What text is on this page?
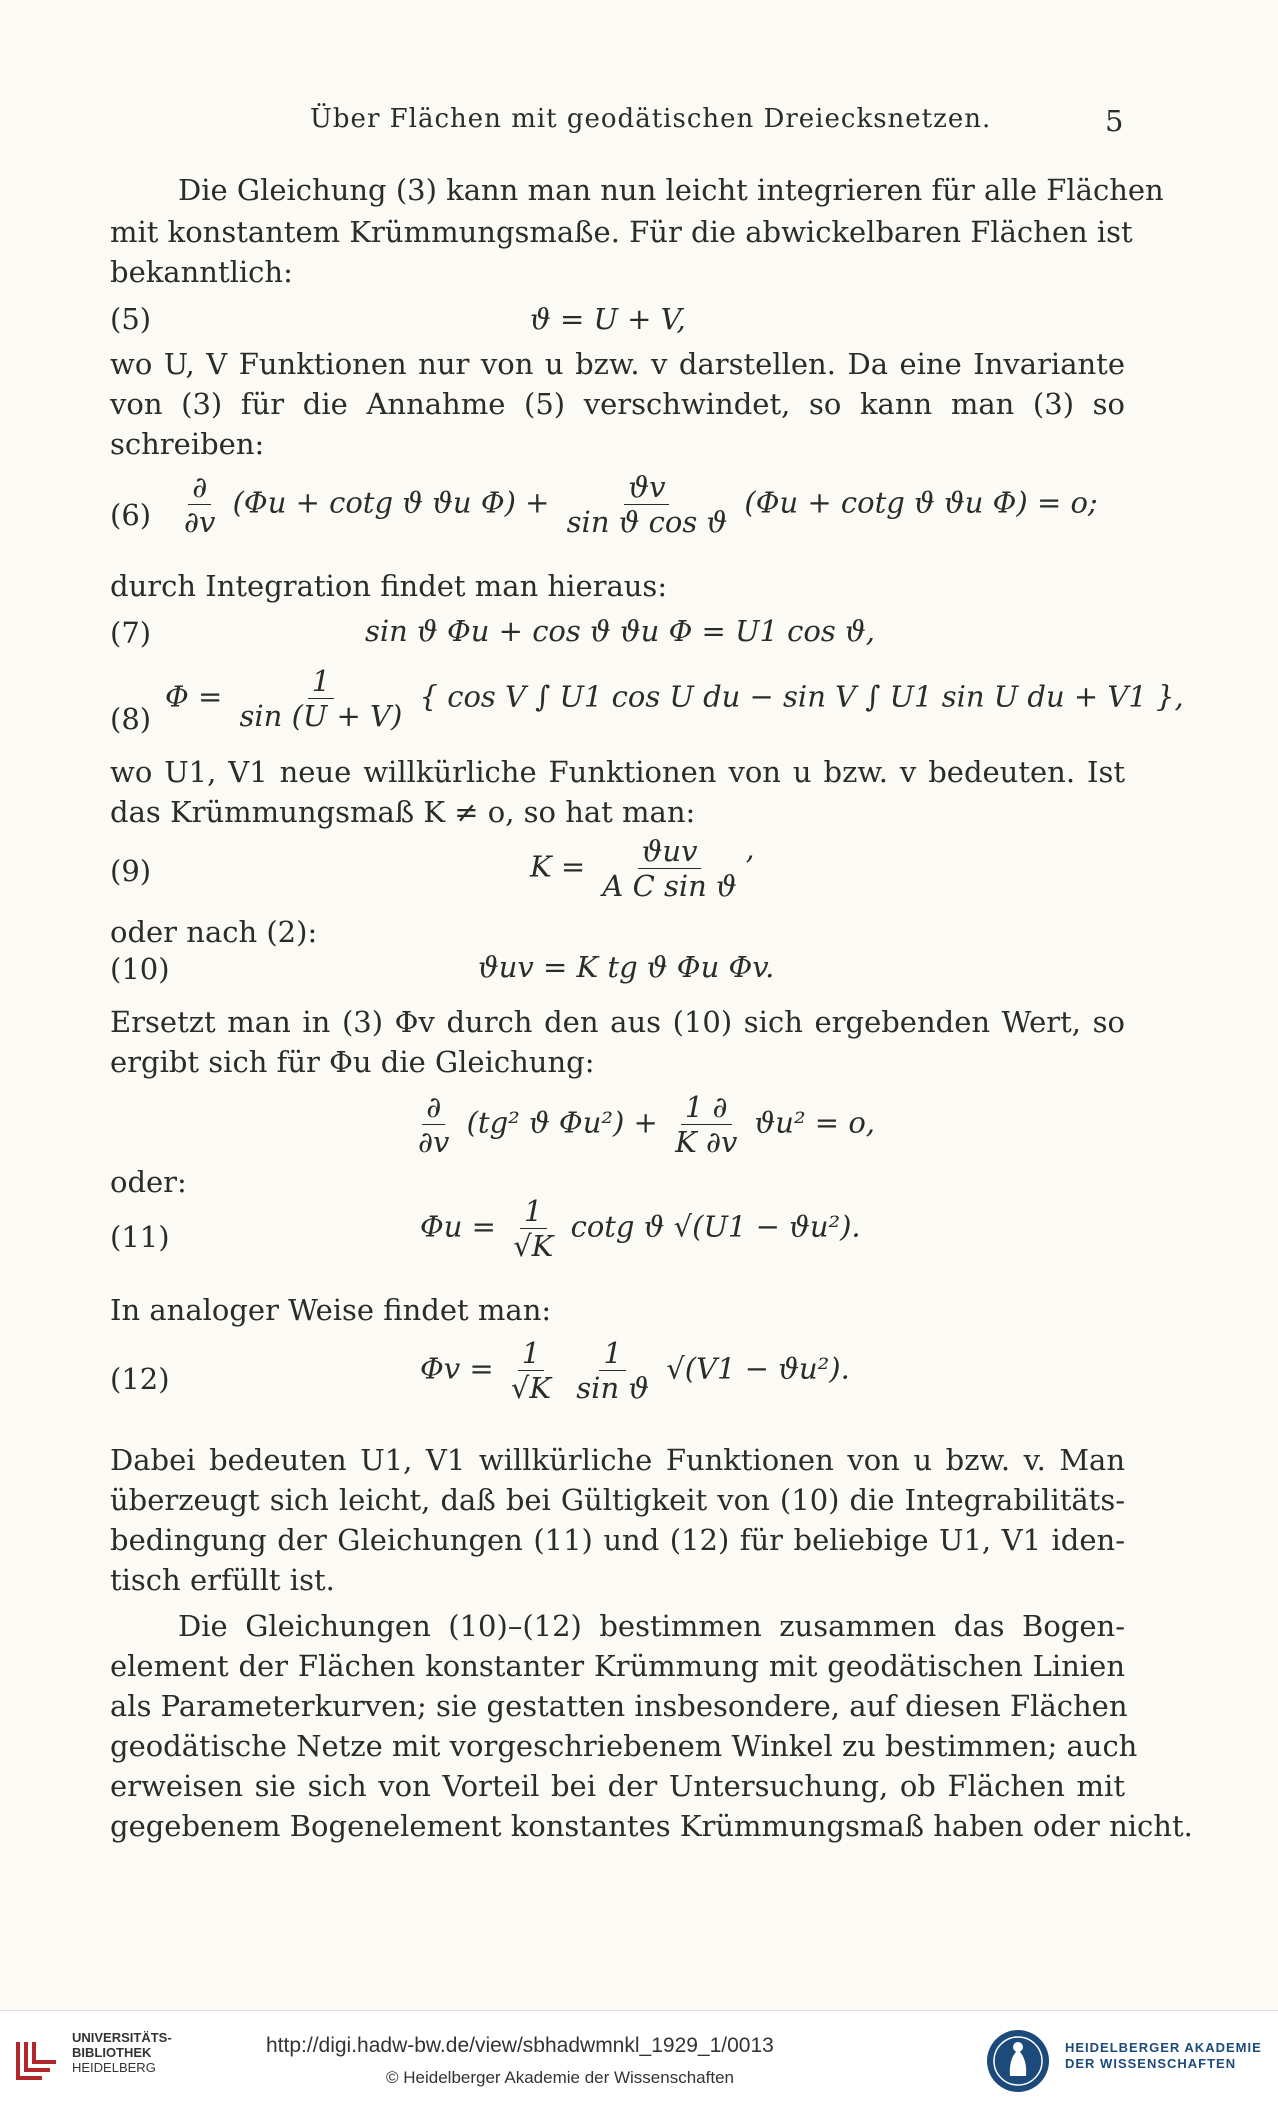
Über Flächen mit geodätischen Dreiecksnetzen.	5
Die Gleichung (3) kann man nun leicht integrieren für alle Flächen
mit konstantem Krümmungsmaße. Für die abwickelbaren Flächen ist
bekanntlich:
(5)	ϑ = U + V,
wo U, V Funktionen nur von u bzw. v darstellen. Da eine Invariante
von (3) für die Annahme (5) verschwindet, so kann man (3) so
schreiben:
$(6) \frac{\partial}{\partial v} (\Phi u + \cot g$ ϑ ϑu $\Phi) + \frac{ϑv}{\text{sin ϑ cos ϑ}} (\Phi u + \cot g$ ϑ ϑu Φ) = o;
durch Integration findet man hieraus:
(7)	sin ϑ Φu + cos ϑ ϑu Φ = U1 cos ϑ,
(8)
$\Phi = \frac{1}{\sin (U + V)}$ { cos V ∫ U1 cos U du − sin V ∫ U1 sin U du + V1 },
wo U1, V1 neue willkürliche Funktionen von u bzw. v bedeuten. Ist
das Krümmungsmaß K ≠ o, so hat man:
(9)	$K = \frac{\text{ϑuv}}{\text{A C sin ϑ}}$ ’
oder nach (2):
(10)	ϑuv = K tg ϑ Φu Φv.
Ersetzt man in (3) Φv durch den aus (10) sich ergebenden Wert, so
ergibt sich für Φu die Gleichung:
$\frac{\partial}{\partial v} (tg^2$ ϑ $\Phi u^2) + \frac{1 \partial}{K \partial v} ϑu^2 = o$,
oder:
(11)	$\Phi u = \frac{1}{√K}$ cotg ϑ √(U1 − ϑu²).
In analoger Weise findet man:
(12)	$\Phi v = \frac{1}{√K}$
$\frac{1}{\text{sin ϑ}} √(V1 - ϑu^2)$.
Dabei bedeuten U1, V1 willkürliche Funktionen von u bzw. v. Man
überzeugt sich leicht, daß bei Gültigkeit von (10) die Integrabilitäts-
bedingung der Gleichungen (11) und (12) für beliebige U1, V1 iden-
tisch erfüllt ist.
Die Gleichungen (10)–(12) bestimmen zusammen das Bogen-
element der Flächen konstanter Krümmung mit geodätischen Linien
als Parameterkurven; sie gestatten insbesondere, auf diesen Flächen
geodätische Netze mit vorgeschriebenem Winkel zu bestimmen; auch
erweisen sie sich von Vorteil bei der Untersuchung, ob Flächen mit
gegebenem Bogenelement konstantes Krümmungsmaß haben oder nicht.
UNIVERSITÄTS-
BIBLIOTHEK
HEIDELBERG
http://digi.hadw-bw.de/view/sbhadwmnkl_1929_1/0013
© Heidelberger Akademie der Wissenschaften
HEIDELBERGER AKADEMIE
DER WISSENSCHAFTEN
